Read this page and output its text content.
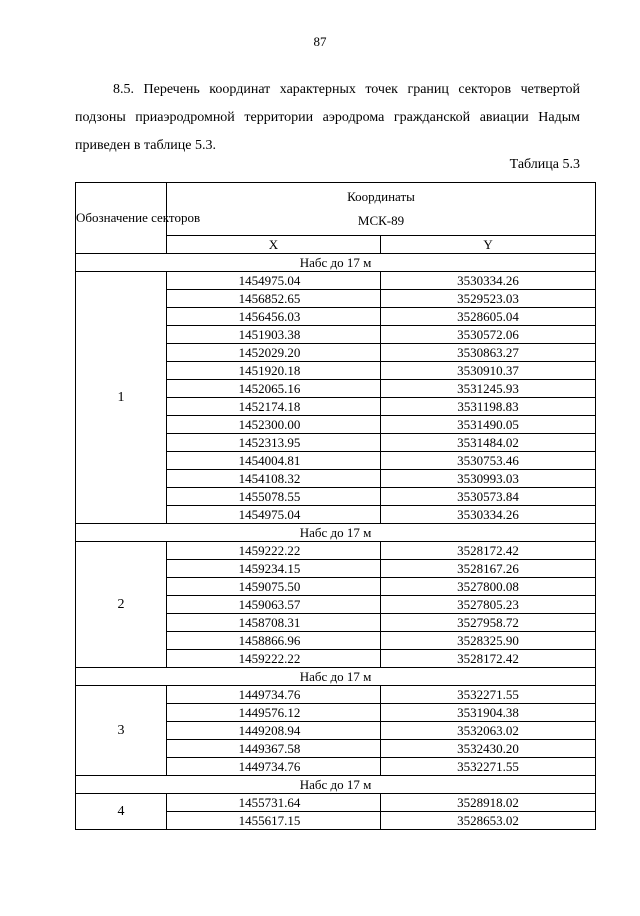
87

8.5. Перечень координат характерных точек границ секторов четвертой подзоны приаэродромной территории аэродрома гражданской авиации Надым приведен в таблице 5.3.

Таблица 5.3
Обозначение секторов	Координаты
МСК-89	

	X	Y
Набс до 17 м		
1	1454975.04	3530334.26
	1456852.65	3529523.03
	1456456.03	3528605.04
	1451903.38	3530572.06
	1452029.20	3530863.27
	1451920.18	3530910.37
	1452065.16	3531245.93
	1452174.18	3531198.83
	1452300.00	3531490.05
	1452313.95	3531484.02
	1454004.81	3530753.46
	1454108.32	3530993.03
	1455078.55	3530573.84
	1454975.04	3530334.26
Набс до 17 м		
2	1459222.22	3528172.42
	1459234.15	3528167.26
	1459075.50	3527800.08
	1459063.57	3527805.23
	1458708.31	3527958.72
	1458866.96	3528325.90
	1459222.22	3528172.42
Набс до 17 м		
3	1449734.76	3532271.55
	1449576.12	3531904.38
	1449208.94	3532063.02
	1449367.58	3532430.20
	1449734.76	3532271.55
Набс до 17 м		
4	1455731.64	3528918.02
	1455617.15	3528653.02
